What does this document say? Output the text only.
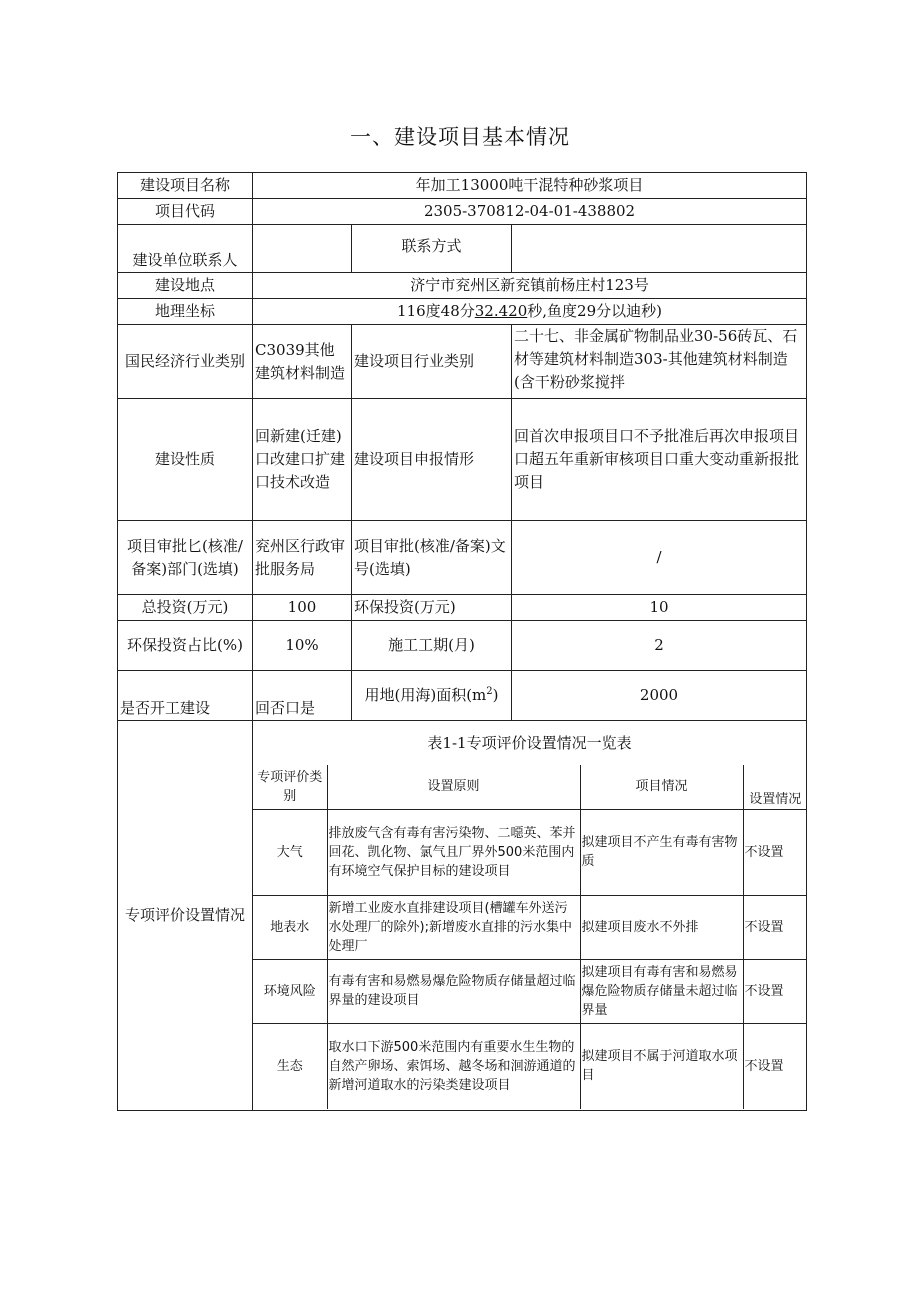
一、建设项目基本情况
建设项目名称	年加工13000吨干混特种砂浆项目
项目代码	2305-370812-04-01-438802
建设单位联系人		联系方式	
建设地点	济宁市兖州区新兖镇前杨庄村123号
地理坐标	116度48分32.420秒,鱼度29分以迪秒)
国民经济行业类别	C3039其他建筑材料制造	建设项目行业类别	二十七、非金属矿物制品业30-56砖瓦、石材等建筑材料制造303-其他建筑材料制造(含干粉砂浆搅拌
建设性质	回新建(迁建)口改建口扩建口技术改造	建设项目申报情形	回首次申报项目口不予批准后再次申报项目口超五年重新审核项目口重大变动重新报批项目
项目审批匕(核准/备案)部门(选填)	兖州区行政审批服务局	项目审批(核准/备案)文号(选填)	/
总投资(万元)	100	环保投资(万元)	10
环保投资占比(%)	10%	施工工期(月)	2
是否开工建设	回否口是	用地(用海)面积$(m^2)$	2000
专项评价设置情况	
表1-1专项评价设置情况一览表
专项评价类别	设置原则	项目情况	设置情况
大气	排放废气含有毒有害污染物、二噁英、苯并回花、凯化物、氯气且厂界外500米范围内有环境空气保护目标的建设项目	拟建项目不产生有毒有害物质	不设置
地表水	新增工业废水直排建设项目(槽罐车外送污水处理厂的除外);新增废水直排的污水集中处理厂	拟建项目废水不外排	不设置
环境风险	有毒有害和易燃易爆危险物质存储量超过临界量的建设项目	拟建项目有毒有害和易燃易爆危险物质存储量未超过临界量	不设置
生态	取水口下游500米范围内有重要水生生物的自然产卵场、索饵场、越冬场和洄游通道的新增河道取水的污染类建设项目	拟建项目不属于河道取水项目	不设置
